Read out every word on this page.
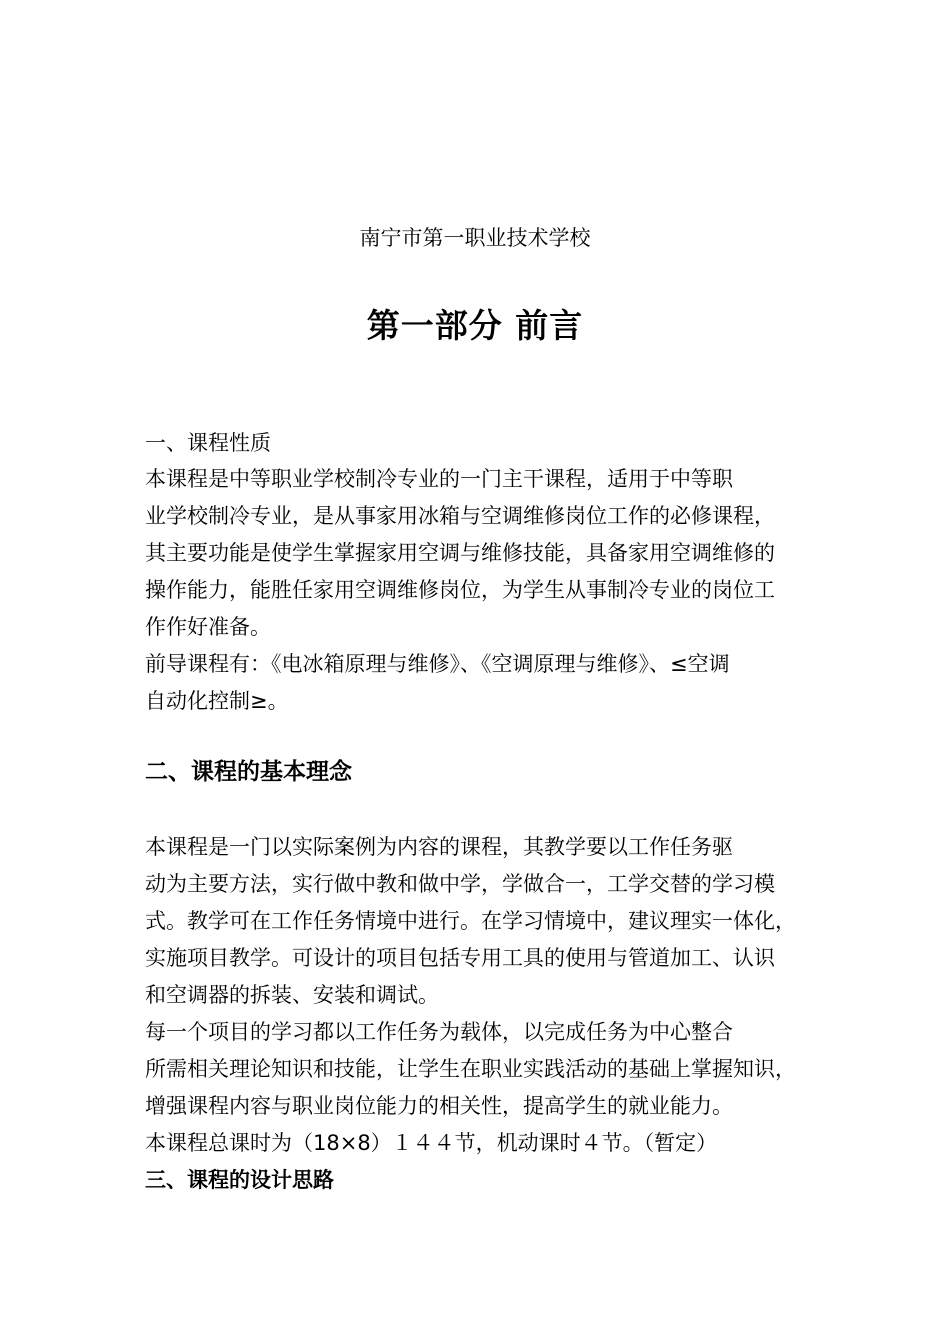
南宁市第一职业技术学校
第一部分 前言
一、课程性质
本课程是中等职业学校制冷专业的一门主干课程，适用于中等职
业学校制冷专业，是从事家用冰箱与空调维修岗位工作的必修课程，
其主要功能是使学生掌握家用空调与维修技能，具备家用空调维修的
操作能力，能胜任家用空调维修岗位，为学生从事制冷专业的岗位工
作作好准备。
前导课程有：《电冰箱原理与维修》、《空调原理与维修》、≤空调
自动化控制≥。
二、课程的基本理念
本课程是一门以实际案例为内容的课程，其教学要以工作任务驱
动为主要方法，实行做中教和做中学，学做合一，工学交替的学习模
式。教学可在工作任务情境中进行。在学习情境中，建议理实一体化，
实施项目教学。可设计的项目包括专用工具的使用与管道加工、认识
和空调器的拆装、安装和调试。
每一个项目的学习都以工作任务为载体，以完成任务为中心整合
所需相关理论知识和技能，让学生在职业实践活动的基础上掌握知识，
增强课程内容与职业岗位能力的相关性，提高学生的就业能力。
本课程总课时为（18×8）１４４节，机动课时４节。（暂定）
三、课程的设计思路
